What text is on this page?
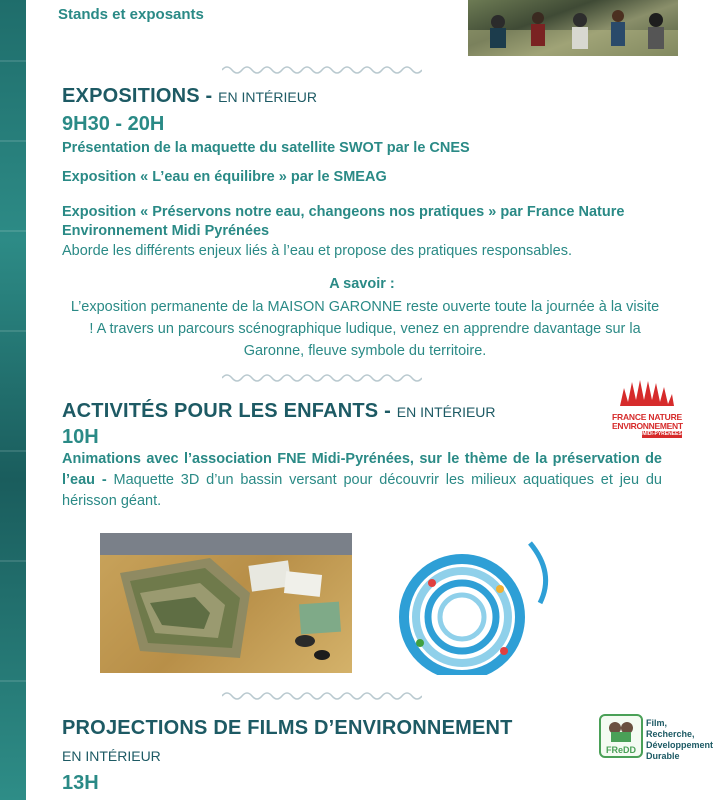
Stands et exposants
EXPOSITIONS - EN INTÉRIEUR
9H30 - 20H
Présentation de la maquette du satellite SWOT par le CNES
Exposition « L’eau en équilibre » par le SMEAG
Exposition « Préservons notre eau, changeons nos pratiques » par France Nature Environnement Midi Pyrénées
Aborde les différents enjeux liés à l’eau et propose des pratiques responsables.
A savoir :
L’exposition permanente de la MAISON GARONNE reste ouverte toute la journée à la visite ! A travers un parcours scénographique ludique, venez en apprendre davantage sur la Garonne, fleuve symbole du territoire.
ACTIVITÉS POUR LES ENFANTS - EN INTÉRIEUR
10H
Animations avec l’association FNE Midi-Pyrénées, sur le thème de la préservation de l’eau - Maquette 3D d’un bassin versant pour découvrir les milieux aquatiques et jeu du hérisson géant.
FRANCE NATURE
ENVIRONNEMENT
MIDI-PYRÉNÉES
PROJECTIONS DE FILMS D’ENVIRONNEMENT
EN INTÉRIEUR
13H
FReDD
Film,
Recherche,
Développement
Durable
